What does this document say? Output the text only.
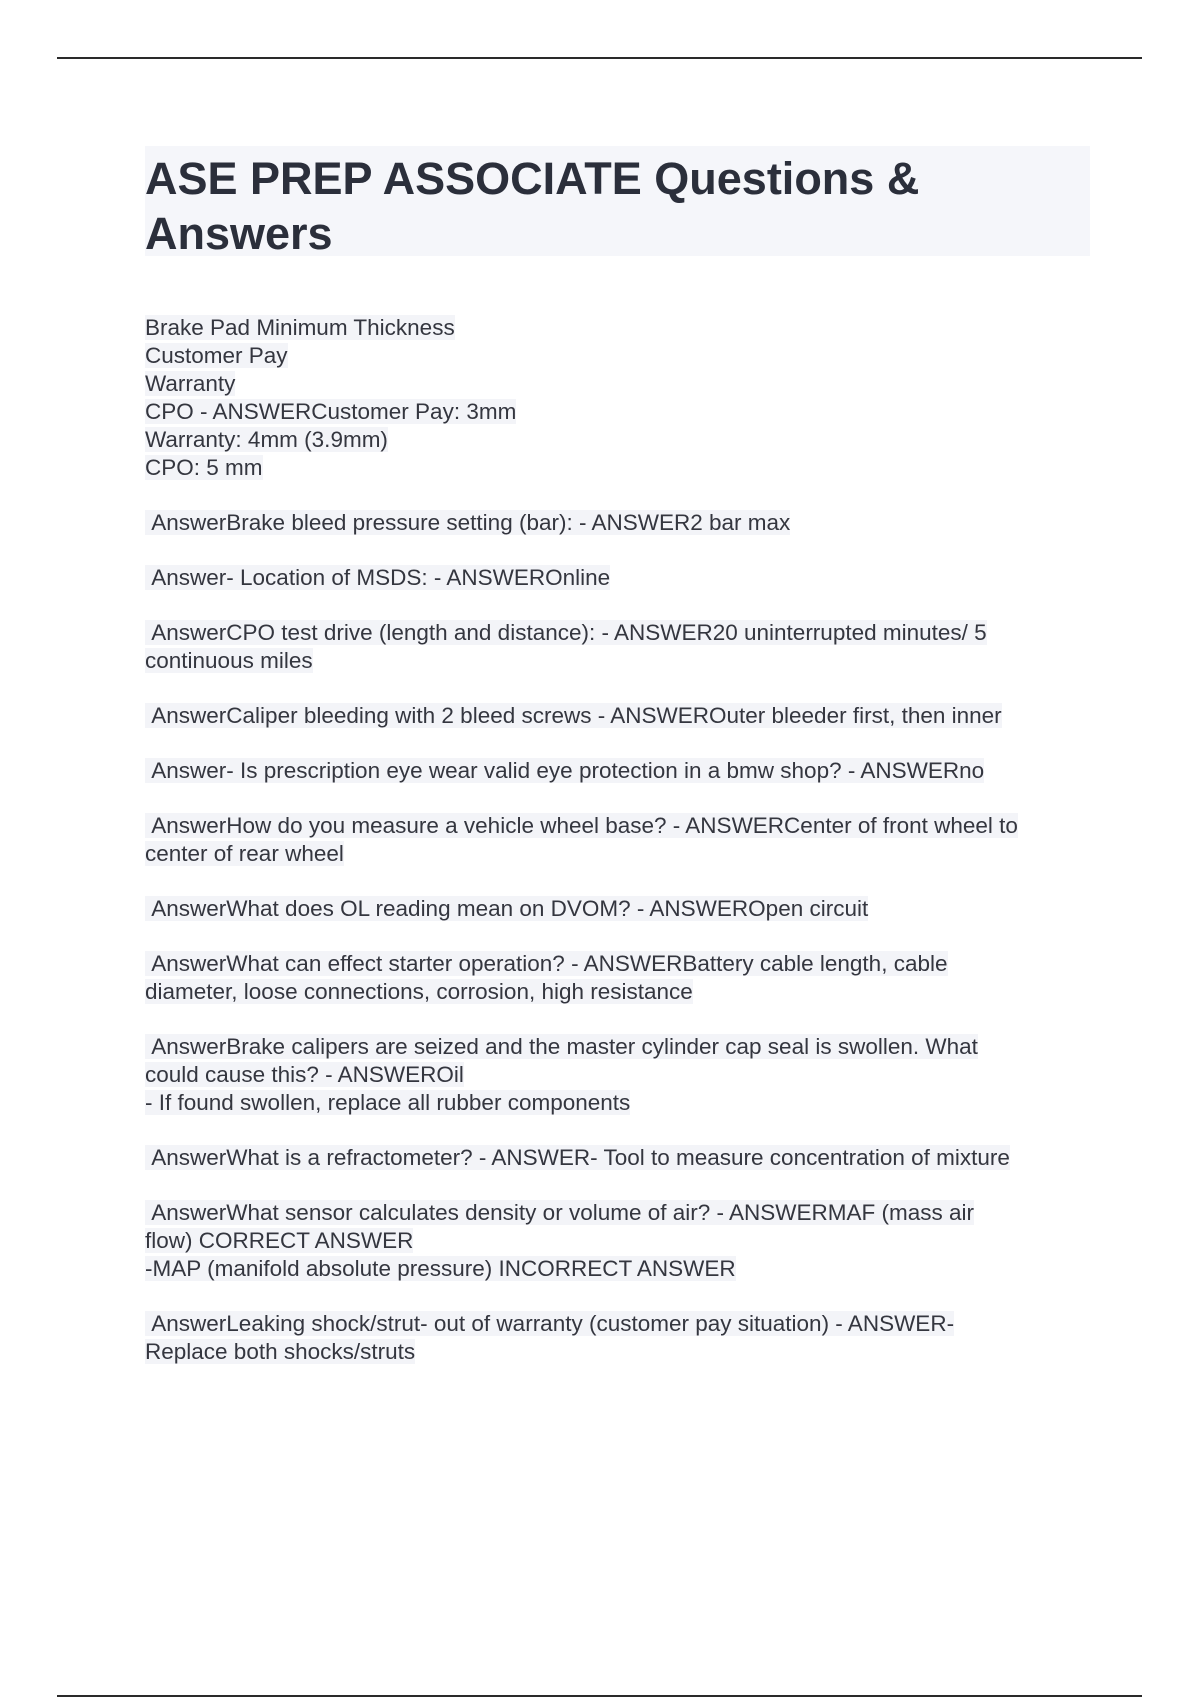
ASE PREP ASSOCIATE Questions &
Answers
Brake Pad Minimum Thickness
Customer Pay
Warranty
CPO - ANSWERCustomer Pay: 3mm
Warranty: 4mm (3.9mm)
CPO: 5 mm
AnswerBrake bleed pressure setting (bar): - ANSWER2 bar max
Answer- Location of MSDS: - ANSWEROnline
AnswerCPO test drive (length and distance): - ANSWER20 uninterrupted minutes/ 5
continuous miles
AnswerCaliper bleeding with 2 bleed screws - ANSWEROuter bleeder first, then inner
Answer- Is prescription eye wear valid eye protection in a bmw shop? - ANSWERno
AnswerHow do you measure a vehicle wheel base? - ANSWERCenter of front wheel to
center of rear wheel
AnswerWhat does OL reading mean on DVOM? - ANSWEROpen circuit
AnswerWhat can effect starter operation? - ANSWERBattery cable length, cable
diameter, loose connections, corrosion, high resistance
AnswerBrake calipers are seized and the master cylinder cap seal is swollen. What
could cause this? - ANSWEROil
- If found swollen, replace all rubber components
AnswerWhat is a refractometer? - ANSWER- Tool to measure concentration of mixture
AnswerWhat sensor calculates density or volume of air? - ANSWERMAF (mass air
flow) CORRECT ANSWER
-MAP (manifold absolute pressure) INCORRECT ANSWER
AnswerLeaking shock/strut- out of warranty (customer pay situation) - ANSWER-
Replace both shocks/struts
